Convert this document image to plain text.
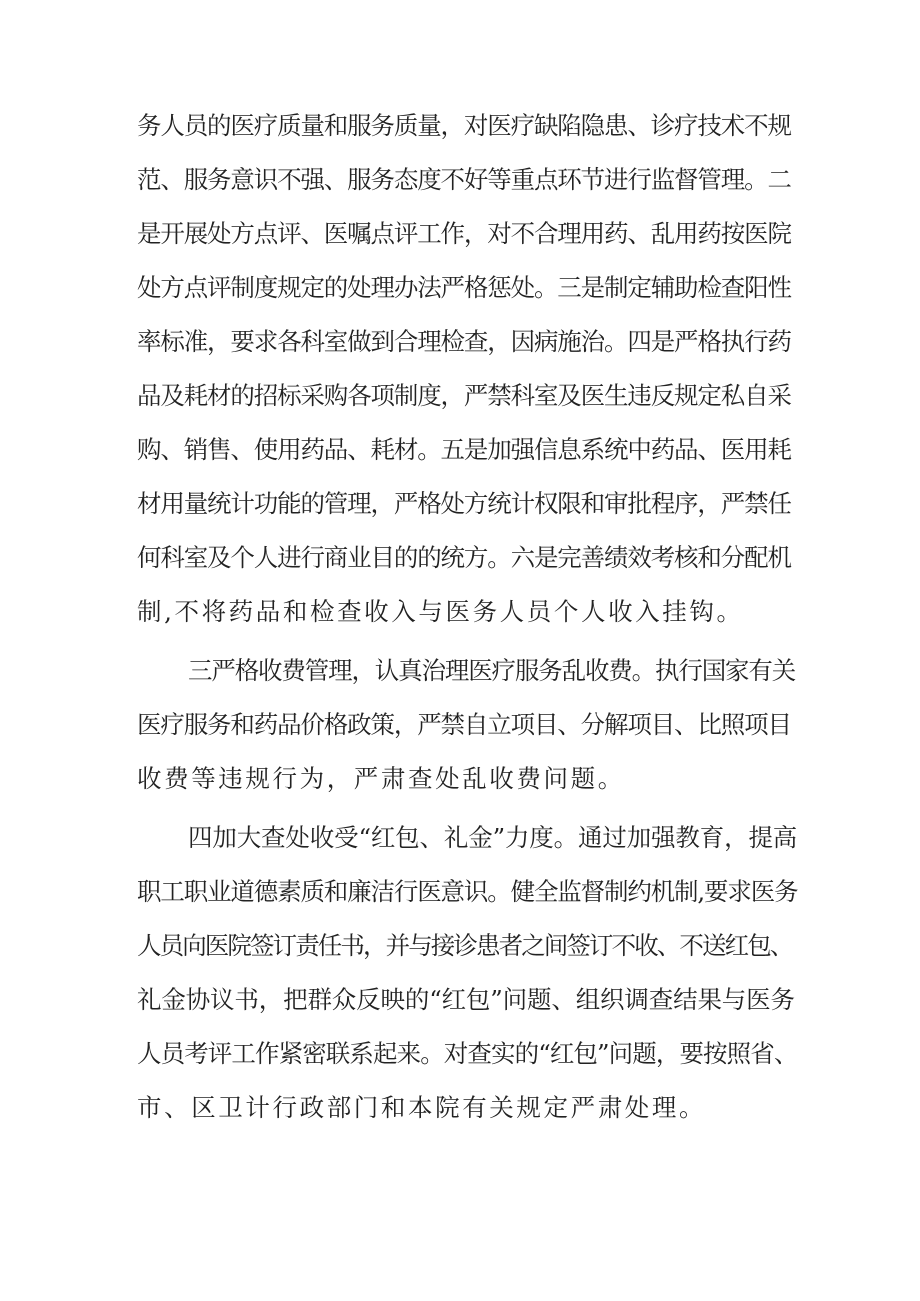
务人员的医疗质量和服务质量，对医疗缺陷隐患、诊疗技术不规
范、服务意识不强、服务态度不好等重点环节进行监督管理。二
是开展处方点评、医嘱点评工作，对不合理用药、乱用药按医院
处方点评制度规定的处理办法严格惩处。三是制定辅助检查阳性
率标准，要求各科室做到合理检查，因病施治。四是严格执行药
品及耗材的招标采购各项制度，严禁科室及医生违反规定私自采
购、销售、使用药品、耗材。五是加强信息系统中药品、医用耗
材用量统计功能的管理，严格处方统计权限和审批程序，严禁任
何科室及个人进行商业目的的统方。六是完善绩效考核和分配机
制,不将药品和检查收入与医务人员个人收入挂钩。
三严格收费管理，认真治理医疗服务乱收费。执行国家有关
医疗服务和药品价格政策，严禁自立项目、分解项目、比照项目
收费等违规行为，严肃查处乱收费问题。
四加大查处收受“红包、礼金”力度。通过加强教育，提高
职工职业道德素质和廉洁行医意识。健全监督制约机制,要求医务
人员向医院签订责任书，并与接诊患者之间签订不收、不送红包、
礼金协议书，把群众反映的“红包”问题、组织调查结果与医务
人员考评工作紧密联系起来。对查实的“红包”问题，要按照省、
市、区卫计行政部门和本院有关规定严肃处理。
